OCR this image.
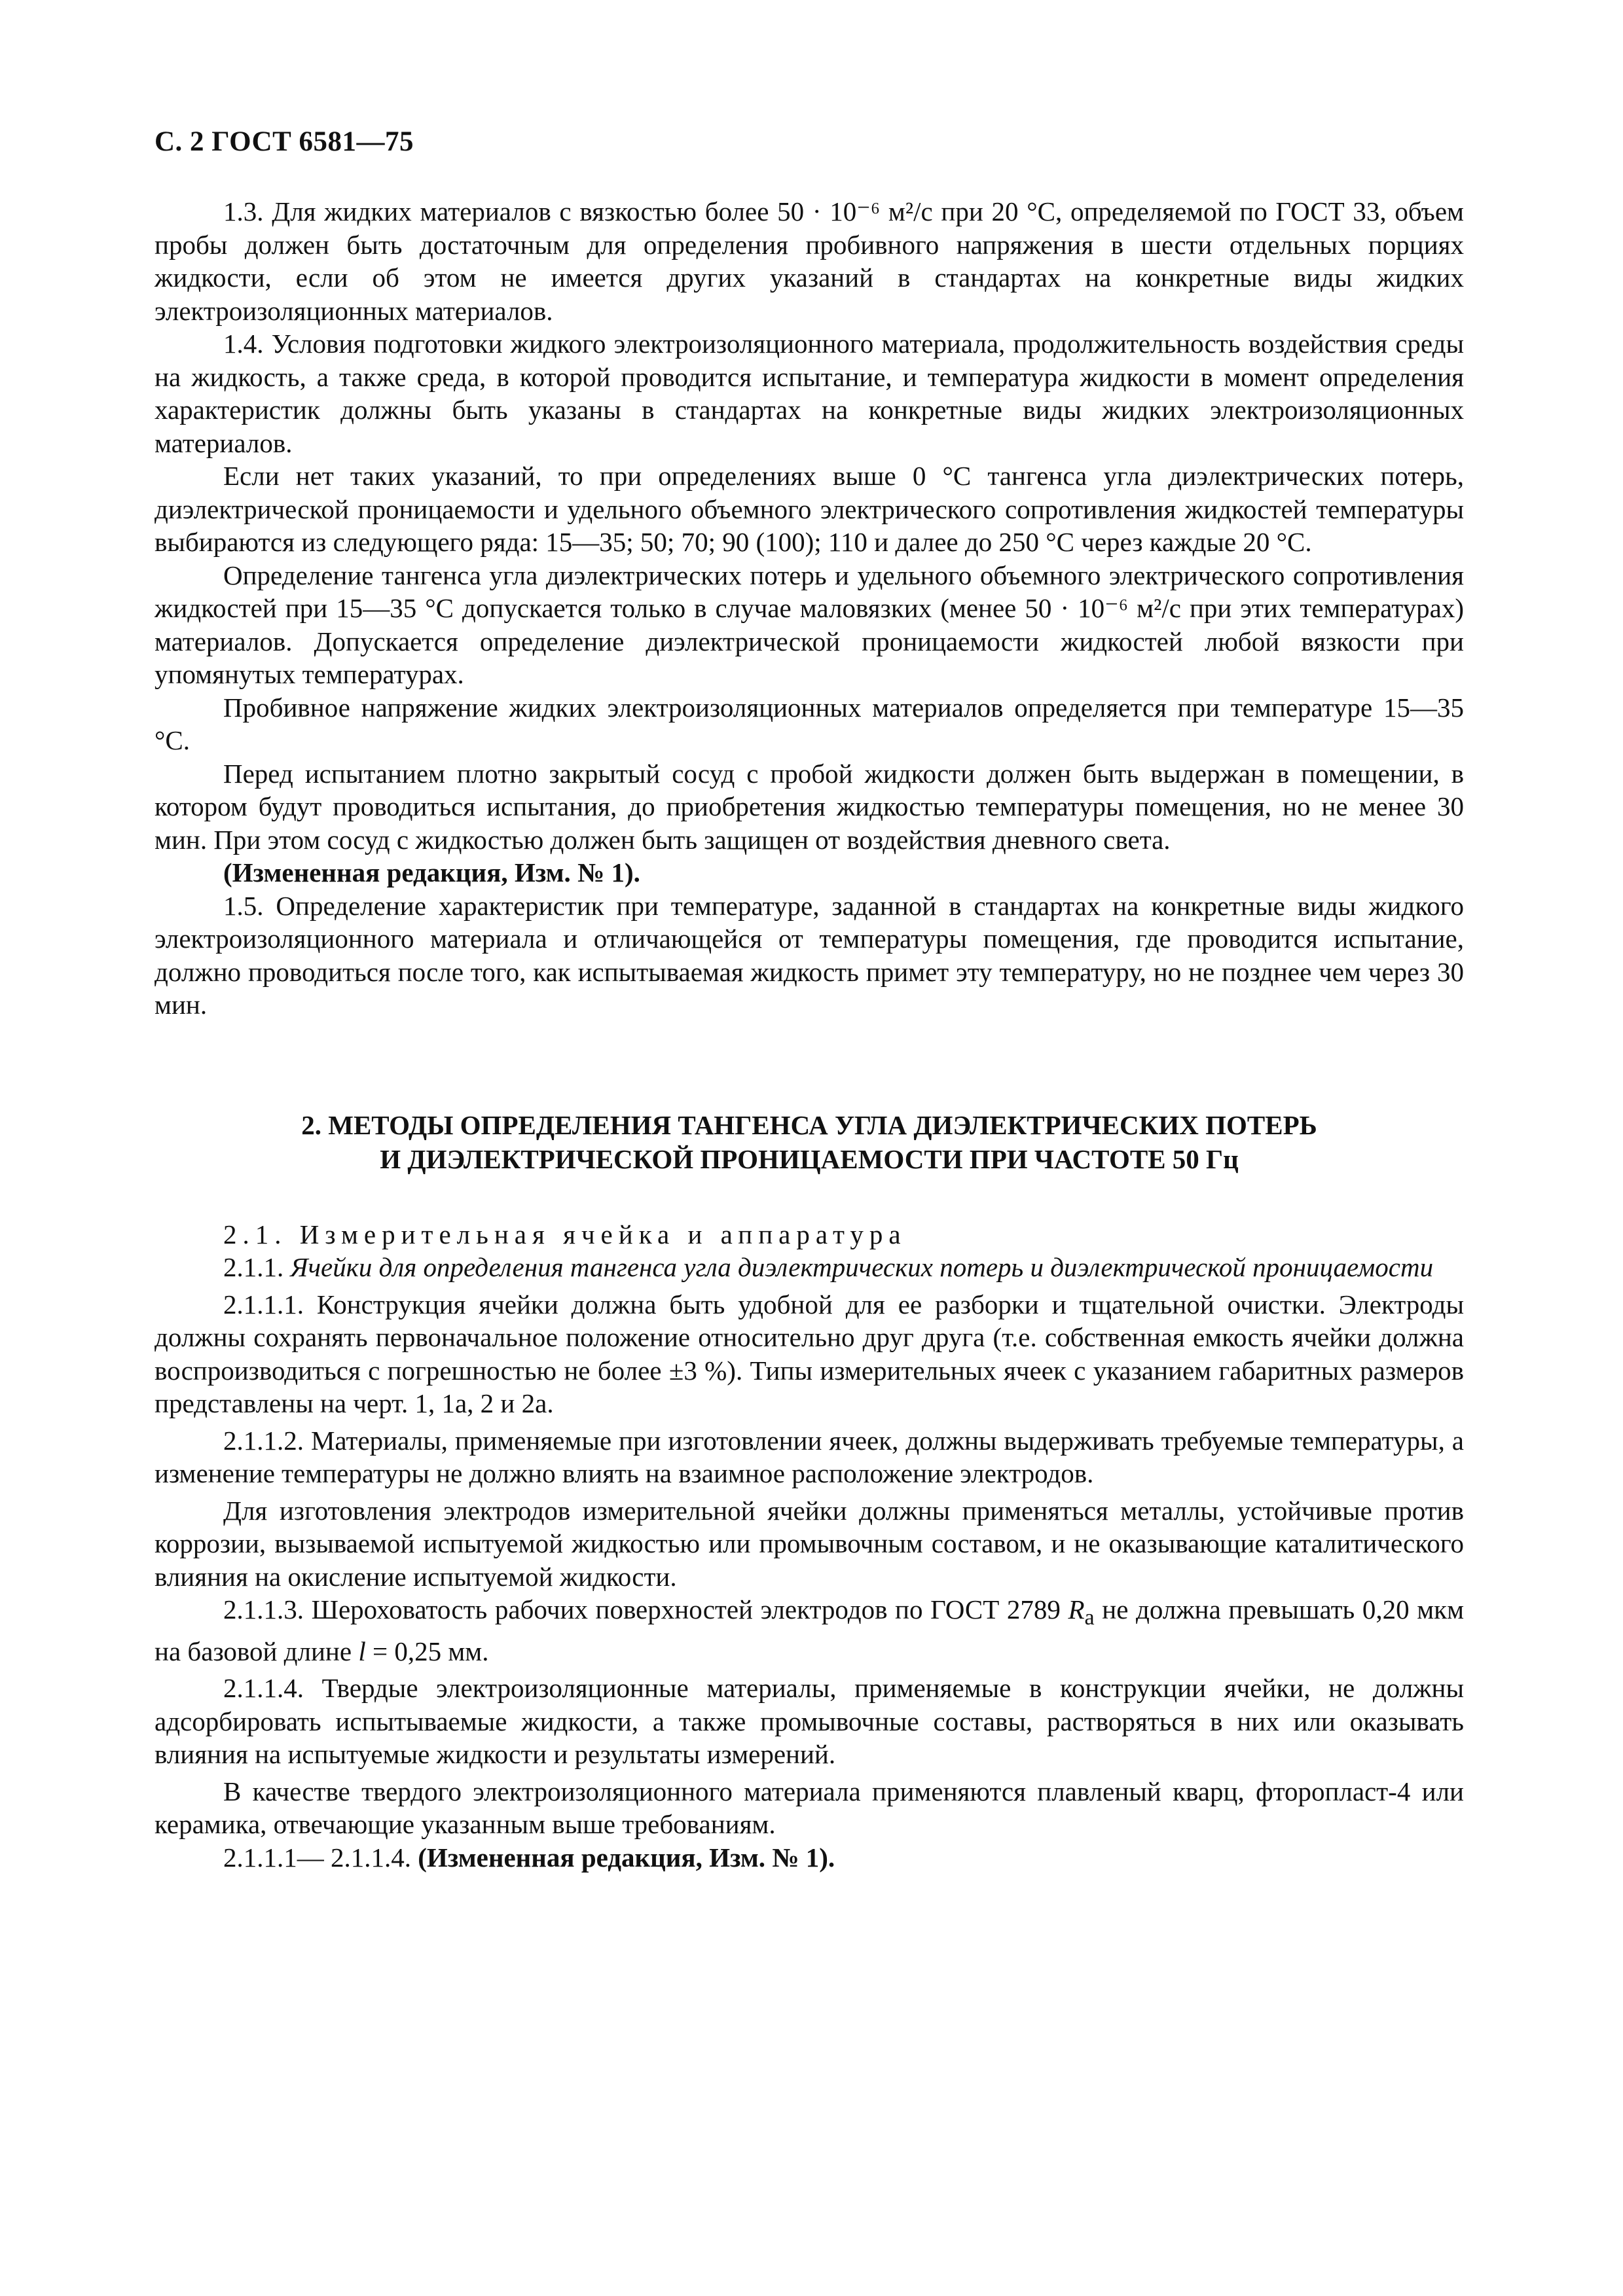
С. 2 ГОСТ 6581—75

1.3. Для жидких материалов с вязкостью более 50 · 10⁻⁶ м²/с при 20 °С, определяемой по ГОСТ 33, объем пробы должен быть достаточным для определения пробивного напряжения в шести отдельных порциях жидкости, если об этом не имеется других указаний в стандартах на конкретные виды жидких электроизоляционных материалов.

1.4. Условия подготовки жидкого электроизоляционного материала, продолжительность воздействия среды на жидкость, а также среда, в которой проводится испытание, и температура жидкости в момент определения характеристик должны быть указаны в стандартах на конкретные виды жидких электроизоляционных материалов.

Если нет таких указаний, то при определениях выше 0 °С тангенса угла диэлектрических потерь, диэлектрической проницаемости и удельного объемного электрического сопротивления жидкостей температуры выбираются из следующего ряда: 15—35; 50; 70; 90 (100); 110 и далее до 250 °С через каждые 20 °С.

Определение тангенса угла диэлектрических потерь и удельного объемного электрического сопротивления жидкостей при 15—35 °С допускается только в случае маловязких (менее 50 · 10⁻⁶ м²/с при этих температурах) материалов. Допускается определение диэлектрической проницаемости жидкостей любой вязкости при упомянутых температурах.

Пробивное напряжение жидких электроизоляционных материалов определяется при температуре 15—35 °С.

Перед испытанием плотно закрытый сосуд с пробой жидкости должен быть выдержан в помещении, в котором будут проводиться испытания, до приобретения жидкостью температуры помещения, но не менее 30 мин. При этом сосуд с жидкостью должен быть защищен от воздействия дневного света.

(Измененная редакция, Изм. № 1).

1.5. Определение характеристик при температуре, заданной в стандартах на конкретные виды жидкого электроизоляционного материала и отличающейся от температуры помещения, где проводится испытание, должно проводиться после того, как испытываемая жидкость примет эту температуру, но не позднее чем через 30 мин.

2. МЕТОДЫ ОПРЕДЕЛЕНИЯ ТАНГЕНСА УГЛА ДИЭЛЕКТРИЧЕСКИХ ПОТЕРЬ
И ДИЭЛЕКТРИЧЕСКОЙ ПРОНИЦАЕМОСТИ ПРИ ЧАСТОТЕ 50 Гц

2.1. Измерительная ячейка и аппаратура

2.1.1. Ячейки для определения тангенса угла диэлектрических потерь и диэлектрической проницаемости

2.1.1.1. Конструкция ячейки должна быть удобной для ее разборки и тщательной очистки. Электроды должны сохранять первоначальное положение относительно друг друга (т.е. собственная емкость ячейки должна воспроизводиться с погрешностью не более ±3 %). Типы измерительных ячеек с указанием габаритных размеров представлены на черт. 1, 1а, 2 и 2а.

2.1.1.2. Материалы, применяемые при изготовлении ячеек, должны выдерживать требуемые температуры, а изменение температуры не должно влиять на взаимное расположение электродов.

Для изготовления электродов измерительной ячейки должны применяться металлы, устойчивые против коррозии, вызываемой испытуемой жидкостью или промывочным составом, и не оказывающие каталитического влияния на окисление испытуемой жидкости.

2.1.1.3. Шероховатость рабочих поверхностей электродов по ГОСТ 2789 $R_а$ не должна превышать 0,20 мкм на базовой длине l = 0,25 мм.

2.1.1.4. Твердые электроизоляционные материалы, применяемые в конструкции ячейки, не должны адсорбировать испытываемые жидкости, а также промывочные составы, растворяться в них или оказывать влияния на испытуемые жидкости и результаты измерений.

В качестве твердого электроизоляционного материала применяются плавленый кварц, фторопласт-4 или керамика, отвечающие указанным выше требованиям.

2.1.1.1— 2.1.1.4. (Измененная редакция, Изм. № 1).
